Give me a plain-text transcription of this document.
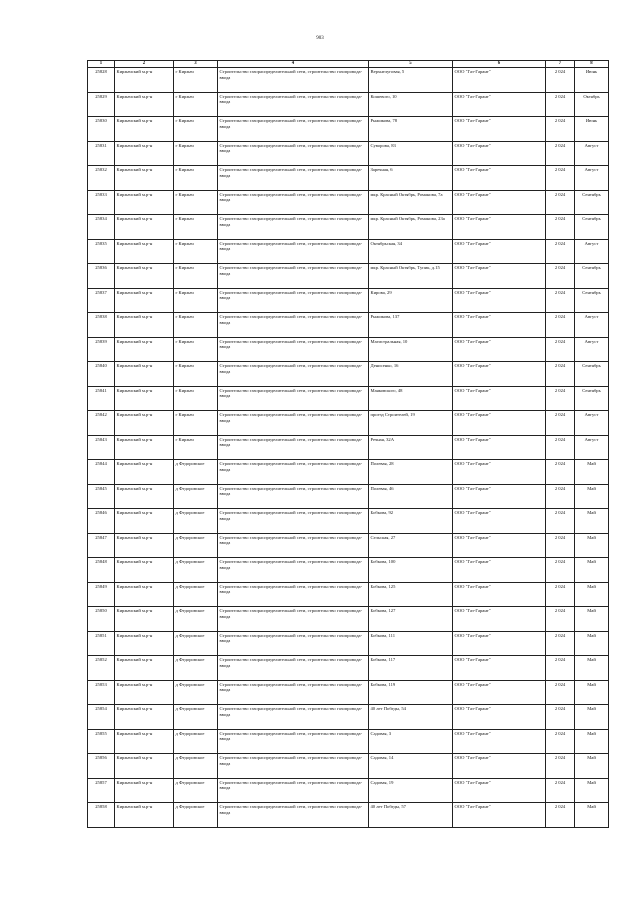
903
1	2	3	4	5	6	7	8
25828	Киржачский м.р-н	г Киржач	Строительство газораспределительной сети, строительство газопровода-ввода	Верхнелуговая, 5	ООО "Газ-Гарант"	2 024	Июнь
25829	Киржачский м.р-н	г Киржач	Строительство газораспределительной сети, строительство газопровода-ввода	Кошевого, 10	ООО "Газ-Гарант"	2 024	Октябрь
25830	Киржачский м.р-н	г Киржач	Строительство газораспределительной сети, строительство газопровода-ввода	Рыжикова, 78	ООО "Газ-Гарант"	2 024	Июнь
25831	Киржачский м.р-н	г Киржач	Строительство газораспределительной сети, строительство газопровода-ввода	Суворова, 83	ООО "Газ-Гарант"	2 024	Август
25832	Киржачский м.р-н	г Киржач	Строительство газораспределительной сети, строительство газопровода-ввода	Заречная, 6	ООО "Газ-Гарант"	2 024	Август
25833	Киржачский м.р-н	г Киржач	Строительство газораспределительной сети, строительство газопровода-ввода	мкр. Красный Октябрь, Романова, 7а	ООО "Газ-Гарант"	2 024	Сентябрь
25834	Киржачский м.р-н	г Киржач	Строительство газораспределительной сети, строительство газопровода-ввода	мкр. Красный Октябрь, Романова, 23а	ООО "Газ-Гарант"	2 024	Сентябрь
25835	Киржачский м.р-н	г Киржач	Строительство газораспределительной сети, строительство газопровода-ввода	Октябрьская, 34	ООО "Газ-Гарант"	2 024	Август
25836	Киржачский м.р-н	г Киржач	Строительство газораспределительной сети, строительство газопровода-ввода	мкр. Красный Октябрь, Тупик, д.15	ООО "Газ-Гарант"	2 024	Сентябрь
25837	Киржачский м.р-н	г Киржач	Строительство газораспределительной сети, строительство газопровода-ввода	Кирова, 29	ООО "Газ-Гарант"	2 024	Сентябрь
25838	Киржачский м.р-н	г Киржач	Строительство газораспределительной сети, строительство газопровода-ввода	Рыжикова, 137	ООО "Газ-Гарант"	2 024	Август
25839	Киржачский м.р-н	г Киржач	Строительство газораспределительной сети, строительство газопровода-ввода	Магистральная, 10	ООО "Газ-Гарант"	2 024	Август
25840	Киржачский м.р-н	г Киржач	Строительство газораспределительной сети, строительство газопровода-ввода	Денисенко, 16	ООО "Газ-Гарант"	2 024	Сентябрь
25841	Киржачский м.р-н	г Киржач	Строительство газораспределительной сети, строительство газопровода-ввода	Маяковского, 48	ООО "Газ-Гарант"	2 024	Сентябрь
25842	Киржачский м.р-н	г Киржач	Строительство газораспределительной сети, строительство газопровода-ввода	проезд Строителей, 19	ООО "Газ-Гарант"	2 024	Август
25843	Киржачский м.р-н	г Киржач	Строительство газораспределительной сети, строительство газопровода-ввода	Речная, 32А	ООО "Газ-Гарант"	2 024	Август
25844	Киржачский м.р-н	д Федоровское	Строительство газораспределительной сети, строительство газопровода-ввода	Полевая, 28	ООО "Газ-Гарант"	2 024	Май
25845	Киржачский м.р-н	д Федоровское	Строительство газораспределительной сети, строительство газопровода-ввода	Полевая, 46	ООО "Газ-Гарант"	2 024	Май
25846	Киржачский м.р-н	д Федоровское	Строительство газораспределительной сети, строительство газопровода-ввода	Бобкова, 92	ООО "Газ-Гарант"	2 024	Май
25847	Киржачский м.р-н	д Федоровское	Строительство газораспределительной сети, строительство газопровода-ввода	Сельская, 27	ООО "Газ-Гарант"	2 024	Май
25848	Киржачский м.р-н	д Федоровское	Строительство газораспределительной сети, строительство газопровода-ввода	Бобкова, 100	ООО "Газ-Гарант"	2 024	Май
25849	Киржачский м.р-н	д Федоровское	Строительство газораспределительной сети, строительство газопровода-ввода	Бобкова, 125	ООО "Газ-Гарант"	2 024	Май
25850	Киржачский м.р-н	д Федоровское	Строительство газораспределительной сети, строительство газопровода-ввода	Бобкова, 127	ООО "Газ-Гарант"	2 024	Май
25851	Киржачский м.р-н	д Федоровское	Строительство газораспределительной сети, строительство газопровода-ввода	Бобкова, 111	ООО "Газ-Гарант"	2 024	Май
25852	Киржачский м.р-н	д Федоровское	Строительство газораспределительной сети, строительство газопровода-ввода	Бобкова, 117	ООО "Газ-Гарант"	2 024	Май
25853	Киржачский м.р-н	д Федоровское	Строительство газораспределительной сети, строительство газопровода-ввода	Бобкова, 119	ООО "Газ-Гарант"	2 024	Май
25854	Киржачский м.р-н	д Федоровское	Строительство газораспределительной сети, строительство газопровода-ввода	40 лет Победы, 54	ООО "Газ-Гарант"	2 024	Май
25855	Киржачский м.р-н	д Федоровское	Строительство газораспределительной сети, строительство газопровода-ввода	Садовая, 3	ООО "Газ-Гарант"	2 024	Май
25856	Киржачский м.р-н	д Федоровское	Строительство газораспределительной сети, строительство газопровода-ввода	Садовая, 14	ООО "Газ-Гарант"	2 024	Май
25857	Киржачский м.р-н	д Федоровское	Строительство газораспределительной сети, строительство газопровода-ввода	Садовая, 19	ООО "Газ-Гарант"	2 024	Май
25858	Киржачский м.р-н	д Федоровское	Строительство газораспределительной сети, строительство газопровода-ввода	40 лет Победы, 57	ООО "Газ-Гарант"	2 024	Май
